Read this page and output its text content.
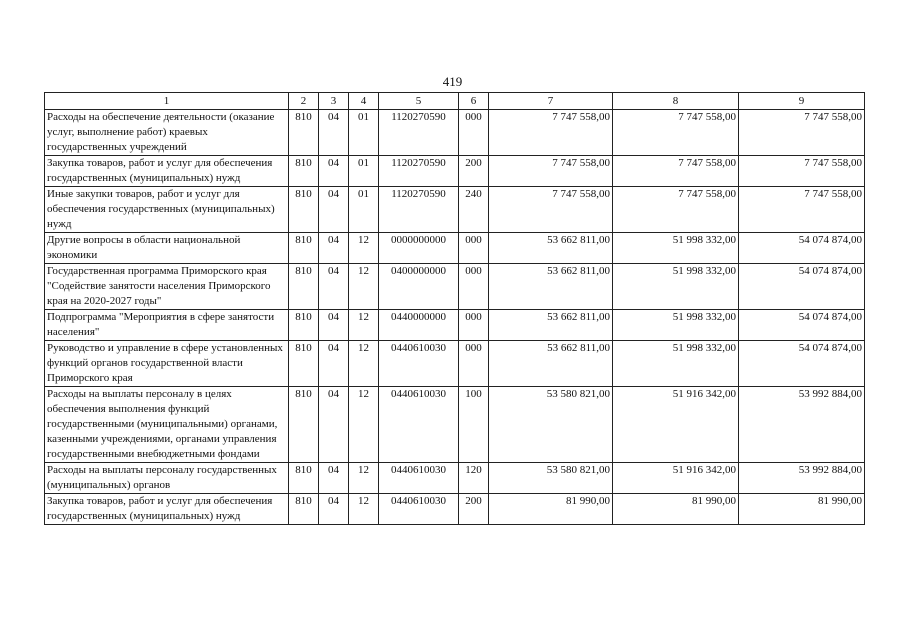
419
1	2	3	4	5	6	7	8	9
Расходы на обеспечение деятельности (оказание услуг, выполнение работ) краевых государственных учреждений	810	04	01	1120270590	000	7 747 558,00	7 747 558,00	7 747 558,00
Закупка товаров, работ и услуг для обеспечения государственных (муниципальных) нужд	810	04	01	1120270590	200	7 747 558,00	7 747 558,00	7 747 558,00
Иные закупки товаров, работ и услуг для обеспечения государственных (муниципальных) нужд	810	04	01	1120270590	240	7 747 558,00	7 747 558,00	7 747 558,00
Другие вопросы в области национальной экономики	810	04	12	0000000000	000	53 662 811,00	51 998 332,00	54 074 874,00
Государственная программа Приморского края "Содействие занятости населения Приморского края на 2020-2027 годы"	810	04	12	0400000000	000	53 662 811,00	51 998 332,00	54 074 874,00
Подпрограмма "Мероприятия в сфере занятости населения"	810	04	12	0440000000	000	53 662 811,00	51 998 332,00	54 074 874,00
Руководство и управление в сфере установленных функций органов государственной власти Приморского края	810	04	12	0440610030	000	53 662 811,00	51 998 332,00	54 074 874,00
Расходы на выплаты персоналу в целях обеспечения выполнения функций государственными (муниципальными) органами, казенными учреждениями, органами управления государственными внебюджетными фондами	810	04	12	0440610030	100	53 580 821,00	51 916 342,00	53 992 884,00
Расходы на выплаты персоналу государственных (муниципальных) органов	810	04	12	0440610030	120	53 580 821,00	51 916 342,00	53 992 884,00
Закупка товаров, работ и услуг для обеспечения государственных (муниципальных) нужд	810	04	12	0440610030	200	81 990,00	81 990,00	81 990,00
